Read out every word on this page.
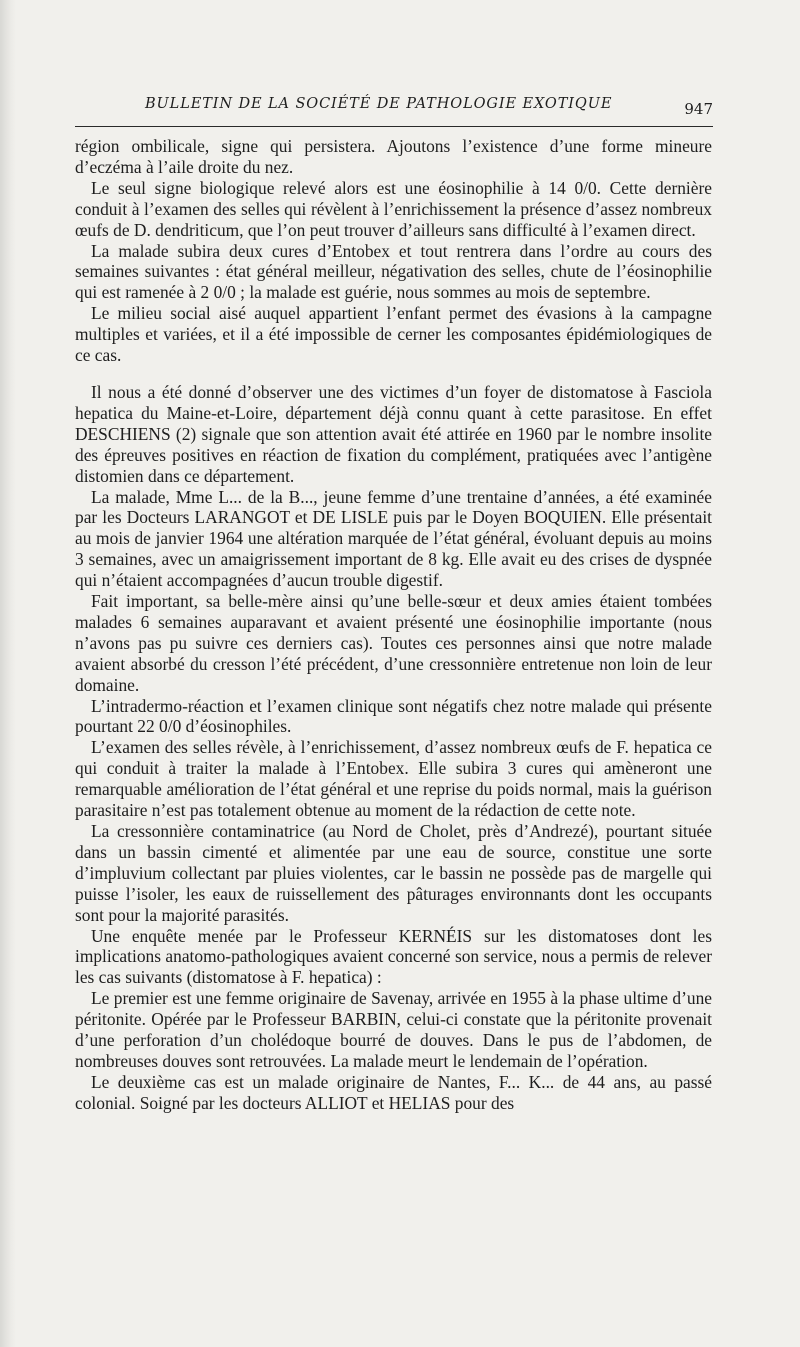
BULLETIN DE LA SOCIÉTÉ DE PATHOLOGIE EXOTIQUE	947

région ombilicale, signe qui persistera. Ajoutons l’existence d’une forme mineure d’eczéma à l’aile droite du nez.

Le seul signe biologique relevé alors est une éosinophilie à 14 0/0. Cette dernière conduit à l’examen des selles qui révèlent à l’enrichissement la présence d’assez nombreux œufs de D. dendriticum, que l’on peut trouver d’ailleurs sans difficulté à l’examen direct.

La malade subira deux cures d’Entobex et tout rentrera dans l’ordre au cours des semaines suivantes : état général meilleur, négativation des selles, chute de l’éosinophilie qui est ramenée à 2 0/0 ; la malade est guérie, nous sommes au mois de septembre.

Le milieu social aisé auquel appartient l’enfant permet des évasions à la campagne multiples et variées, et il a été impossible de cerner les composantes épidémiologiques de ce cas.

Il nous a été donné d’observer une des victimes d’un foyer de distomatose à Fasciola hepatica du Maine-et-Loire, département déjà connu quant à cette parasitose. En effet DESCHIENS (2) signale que son attention avait été attirée en 1960 par le nombre insolite des épreuves positives en réaction de fixation du complément, pratiquées avec l’antigène distomien dans ce département.

La malade, Mme L... de la B..., jeune femme d’une trentaine d’années, a été examinée par les Docteurs LARANGOT et DE LISLE puis par le Doyen BOQUIEN. Elle présentait au mois de janvier 1964 une altération marquée de l’état général, évoluant depuis au moins 3 semaines, avec un amaigrissement important de 8 kg. Elle avait eu des crises de dyspnée qui n’étaient accompagnées d’aucun trouble digestif.

Fait important, sa belle-mère ainsi qu’une belle-sœur et deux amies étaient tombées malades 6 semaines auparavant et avaient présenté une éosinophilie importante (nous n’avons pas pu suivre ces derniers cas). Toutes ces personnes ainsi que notre malade avaient absorbé du cresson l’été précédent, d’une cressonnière entretenue non loin de leur domaine.

L’intradermo-réaction et l’examen clinique sont négatifs chez notre malade qui présente pourtant 22 0/0 d’éosinophiles.

L’examen des selles révèle, à l’enrichissement, d’assez nombreux œufs de F. hepatica ce qui conduit à traiter la malade à l’Entobex. Elle subira 3 cures qui amèneront une remarquable amélioration de l’état général et une reprise du poids normal, mais la guérison parasitaire n’est pas totalement obtenue au moment de la rédaction de cette note.

La cressonnière contaminatrice (au Nord de Cholet, près d’Andrezé), pourtant située dans un bassin cimenté et alimentée par une eau de source, constitue une sorte d’impluvium collectant par pluies violentes, car le bassin ne possède pas de margelle qui puisse l’isoler, les eaux de ruissellement des pâturages environnants dont les occupants sont pour la majorité parasités.

Une enquête menée par le Professeur KERNÉIS sur les distomatoses dont les implications anatomo-pathologiques avaient concerné son service, nous a permis de relever les cas suivants (distomatose à F. hepatica) :

Le premier est une femme originaire de Savenay, arrivée en 1955 à la phase ultime d’une péritonite. Opérée par le Professeur BARBIN, celui-ci constate que la péritonite provenait d’une perforation d’un cholédoque bourré de douves. Dans le pus de l’abdomen, de nombreuses douves sont retrouvées. La malade meurt le lendemain de l’opération.

Le deuxième cas est un malade originaire de Nantes, F... K... de 44 ans, au passé colonial. Soigné par les docteurs ALLIOT et HELIAS pour des
